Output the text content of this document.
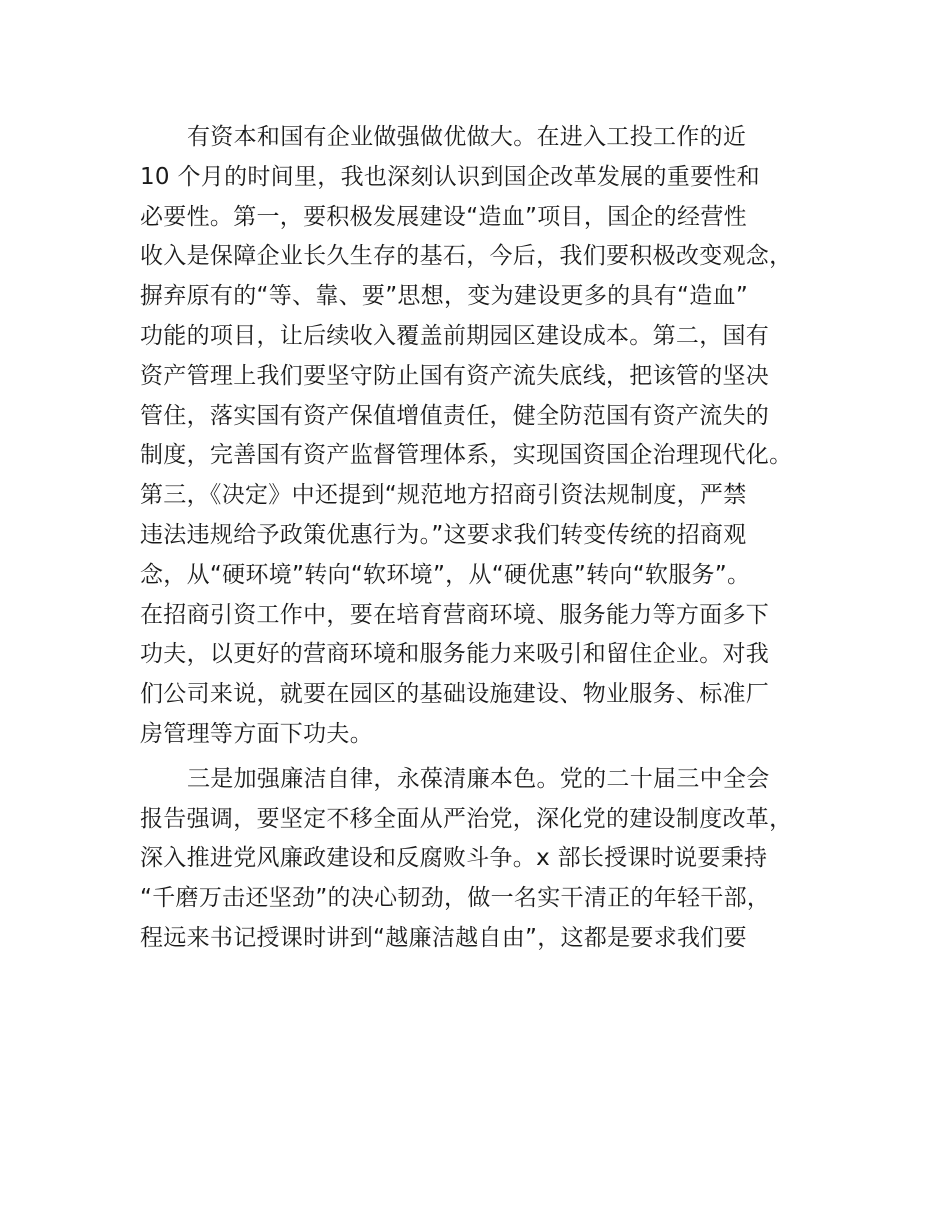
有资本和国有企业做强做优做大。在进入工投工作的近
10 个月的时间里，我也深刻认识到国企改革发展的重要性和
必要性。第一，要积极发展建设“造血”项目，国企的经营性
收入是保障企业长久生存的基石，今后，我们要积极改变观念，
摒弃原有的“等、靠、要”思想，变为建设更多的具有“造血”
功能的项目，让后续收入覆盖前期园区建设成本。第二，国有
资产管理上我们要坚守防止国有资产流失底线，把该管的坚决
管住，落实国有资产保值增值责任，健全防范国有资产流失的
制度，完善国有资产监督管理体系，实现国资国企治理现代化。
第三，《决定》中还提到“规范地方招商引资法规制度，严禁
违法违规给予政策优惠行为。”这要求我们转变传统的招商观
念，从“硬环境”转向“软环境”，从“硬优惠”转向“软服务”。
在招商引资工作中，要在培育营商环境、服务能力等方面多下
功夫，以更好的营商环境和服务能力来吸引和留住企业。对我
们公司来说，就要在园区的基础设施建设、物业服务、标准厂
房管理等方面下功夫。
三是加强廉洁自律，永葆清廉本色。党的二十届三中全会
报告强调，要坚定不移全面从严治党，深化党的建设制度改革，
深入推进党风廉政建设和反腐败斗争。x 部长授课时说要秉持
“千磨万击还坚劲”的决心韧劲，做一名实干清正的年轻干部，
程远来书记授课时讲到“越廉洁越自由”，这都是要求我们要
